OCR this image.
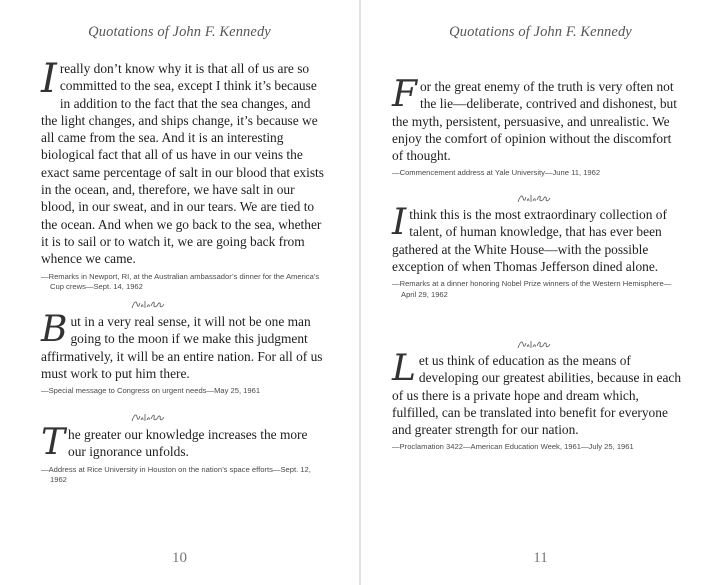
Quotations of John F. Kennedy

I really don’t know why it is that all of us are so committed to the sea, except I think it’s because in addition to the fact that the sea changes, and the light changes, and ships change, it’s because we all came from the sea. And it is an interesting biological fact that all of us have in our veins the exact same percentage of salt in our blood that exists in the ocean, and, therefore, we have salt in our blood, in our sweat, and in our tears. We are tied to the ocean. And when we go back to the sea, whether it is to sail or to watch it, we are going back from whence we came.

—Remarks in Newport, RI, at the Australian ambassador’s dinner for the America’s Cup crews—Sept. 14, 1962

But in a very real sense, it will not be one man going to the moon if we make this judgment affirmatively, it will be an entire nation. For all of us must work to put him there.

—Special message to Congress on urgent needs—May 25, 1961

The greater our knowledge increases the more our ignorance unfolds.

—Address at Rice University in Houston on the nation’s space efforts—Sept. 12, 1962

10
Quotations of John F. Kennedy

For the great enemy of the truth is very often not the lie—deliberate, contrived and dishonest, but the myth, persistent, persuasive, and unrealistic. We enjoy the comfort of opinion without the discomfort of thought.

—Commencement address at Yale University—June 11, 1962

I think this is the most extraordinary collection of talent, of human knowledge, that has ever been gathered at the White House—with the possible exception of when Thomas Jefferson dined alone.

—Remarks at a dinner honoring Nobel Prize winners of the Western Hemisphere—April 29, 1962

Let us think of education as the means of developing our greatest abilities, because in each of us there is a private hope and dream which, fulfilled, can be translated into benefit for everyone and greater strength for our nation.

—Proclamation 3422—American Education Week, 1961—July 25, 1961

11
